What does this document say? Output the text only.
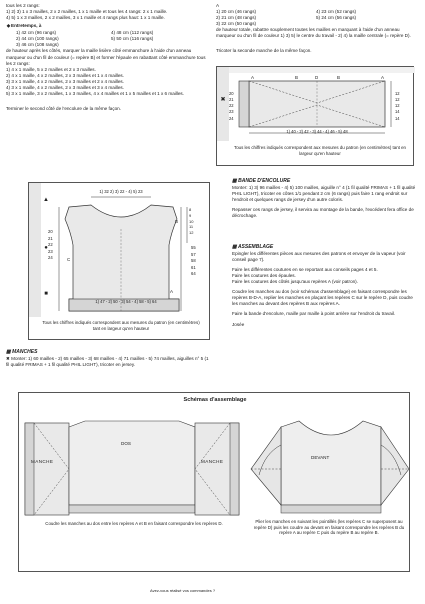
tous les 2 rangs:
1) 2) 3) 1 x 3 mailles, 2 x 2 mailles, 1 x 1 maille et tous les 4 rangs: 2 x 1 maille.
4) 5) 1 x 3 mailles, 2 x 2 mailles, 3 x 1 maille et 4 rangs plus haut: 1 x 1 maille.
◆Entretemps, à
1) 42 cm (96 rangs)
2) 44 cm (100 rangs)
3) 46 cm (108 rangs)
4) 48 cm (112 rangs)
5) 50 cm (116 rangs)
de hauteur après les côtés, marquer la maille lisière côté emmanchure à l'aide d'un anneau marqueur ou d'un fil de couleur (= repère B) et former l'épaule en rabattant côté emmanchure tous les 2 rangs:
1) 4 x 1 maille, 5 x 2 mailles et 2 x 3 mailles.
2) 4 x 1 maille, 4 x 2 mailles, 2 x 3 mailles et 1 x 4 mailles.
3) 3 x 1 maille, 4 x 2 mailles, 2 x 3 mailles et 2 x 4 mailles.
4) 3 x 1 maille, 4 x 2 mailles, 2 x 3 mailles et 3 x 4 mailles.
5) 3 x 1 maille, 3 x 2 mailles, 1 x 3 mailles, 4 x 4 mailles et 1 x 5 mailles et 1 x 6 mailles.
Terminer le second côté de l'encolure de la même façon.
▲
●
■
1) 32 2) 3) 22 - 4) 5) 23
20
21
22
23
24
55
57
58
61
64
8
9
10
11
12
B
C
A
1) 47 - 2) 50 - 3) 54 - 4) 58 - 5) 64
Tous les chiffres indiqués correspondent aux mesures du patron (en centimètres) tant en largeur qu'en hauteur
▦ MANCHES
✖ Monter: 1) 60 mailles - 2) 65 mailles - 3) 68 mailles - 4) 71 mailles - 5) 74 mailles, aiguilles n° 5 (1 fil qualité FRIMAS + 1 fil qualité PHIL LIGHT), tricoter en jersey.
A
1) 20 cm (46 rangs)
2) 21 cm (48 rangs)
3) 22 cm (50 rangs)
4) 23 cm (52 rangs)
5) 24 cm (56 rangs)
de hauteur totale, rabattre souplement toutes les mailles en marquant à l'aide d'un anneau marqueur ou d'un fil de couleur 1) 3) 5) le centre du travail - 2) 4) la maille centrale (= repère D).
Tricoter la seconde manche de la même façon.
✖
20
21
22
23
24
12
12
12
14
14
A	B	D	B	A
1) 40 - 2) 42 - 3) 44 - 4) 46 - 5) 48
Tous les chiffres indiqués correspondent aux mesures du patron (en centimètres) tant en largeur qu'en hauteur
▦ BANDE D'ENCOLURE
Monter: 1) 3) 96 mailles - 4) 5) 100 mailles, aiguille n° 4 (1 fil qualité FRIMAS + 1 fil qualité PHIL LIGHT), tricoter en côtes 1/1 pendant 2 cm (6 rangs) puis faire 1 rang endroit sur l'endroit et quelques rangs de jersey d'un autre coloris.
Repasser ces rangs de jersey, il servira au montage de la bande, l'excédent fera office de décrochage.
▦ ASSEMBLAGE
Epingler les différentes pièces aux mesures des patrons et envoyer de la vapeur (voir conseil page 7).
Faire les différentes coutures en se reportant aux conseils pages 4 et 5.
Faire les coutures des épaules.
Faire les coutures des côtés jusqu'aux repères A (voir patron).
Coudre les manches au dos (voir schémas d'assemblage) en faisant correspondre les repères B-D-A, replier les manches en plaçant les repères C sur le repère D, puis coudre les manches au devant des repères B aux repères A.
Faire la bande d'encolure, maille par maille à point arrière sur l'endroit du travail.
Josée
Schémas d'assemblage
MANCHE
DOS
MANCHE
DEVANT
Coudre les manches au dos entre les repères A et B en faisant correspondre les repères D.	Plier les manches en suivant les pointillés (les repères C se superposent au repère D) puis les coudre au devant en faisant correspondre les repères B du repère A au repère C puis du repère B au repère B.
Avez-vous réalisé vos commandes ?
